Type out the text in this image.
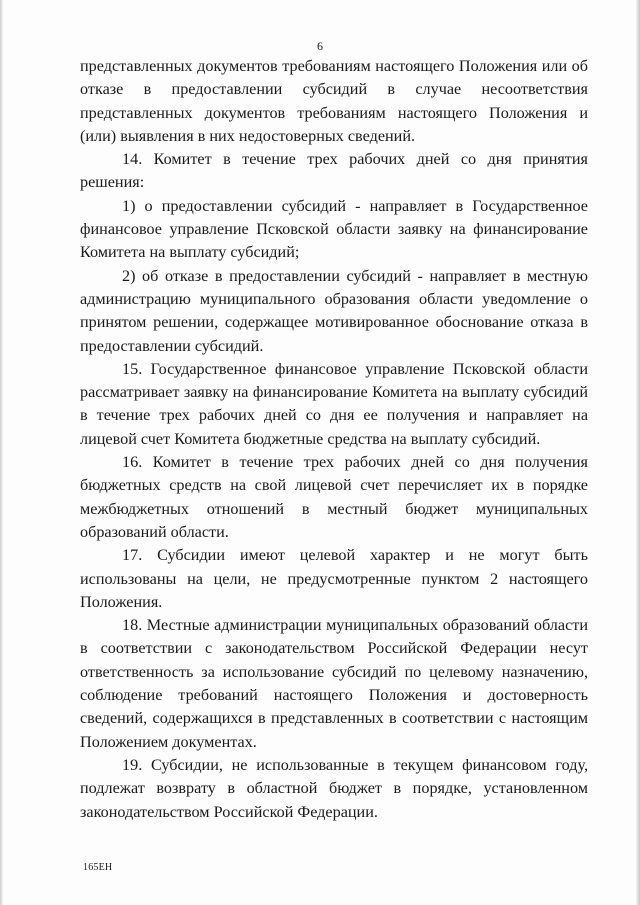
6

представленных документов требованиям настоящего Положения или об отказе в предоставлении субсидий в случае несоответствия представленных документов требованиям настоящего Положения и (или) выявления в них недостоверных сведений.

14. Комитет в течение трех рабочих дней со дня принятия решения:

1) о предоставлении субсидий - направляет в Государственное финансовое управление Псковской области заявку на финансирование Комитета на выплату субсидий;

2) об отказе в предоставлении субсидий - направляет в местную администрацию муниципального образования области уведомление о принятом решении, содержащее мотивированное обоснование отказа в предоставлении субсидий.

15. Государственное финансовое управление Псковской области рассматривает заявку на финансирование Комитета на выплату субсидий в течение трех рабочих дней со дня ее получения и направляет на лицевой счет Комитета бюджетные средства на выплату субсидий.

16. Комитет в течение трех рабочих дней со дня получения бюджетных средств на свой лицевой счет перечисляет их в порядке межбюджетных отношений в местный бюджет муниципальных образований области.

17. Субсидии имеют целевой характер и не могут быть использованы на цели, не предусмотренные пунктом 2 настоящего Положения.

18. Местные администрации муниципальных образований области в соответствии с законодательством Российской Федерации несут ответственность за использование субсидий по целевому назначению, соблюдение требований настоящего Положения и достоверность сведений, содержащихся в представленных в соответствии с настоящим Положением документах.

19. Субсидии, не использованные в текущем финансовом году, подлежат возврату в областной бюджет в порядке, установленном законодательством Российской Федерации.

165ЕН
